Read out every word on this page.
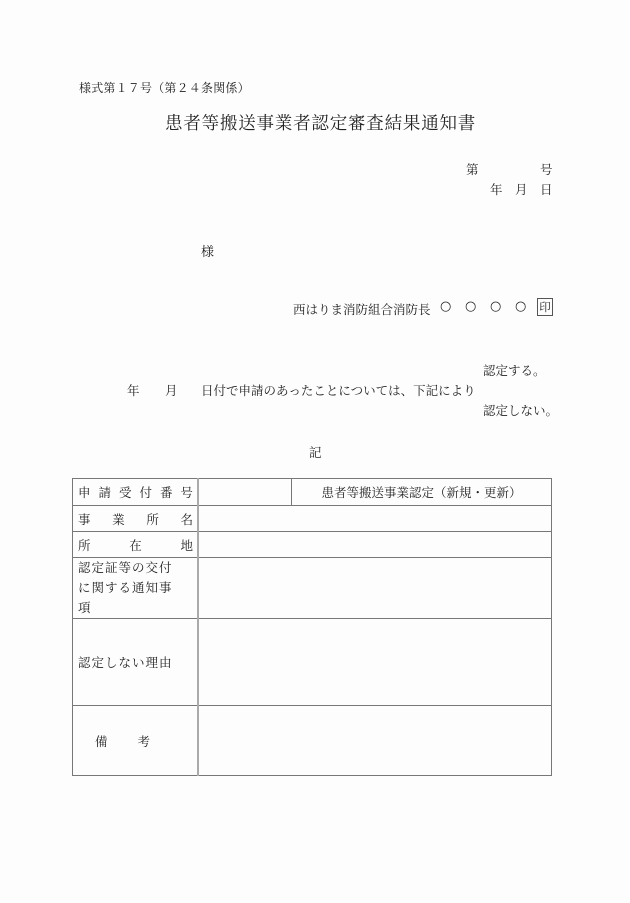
様式第１７号（第２４条関係）
患者等搬送事業者認定審査結果通知書
第	号
年 月 日
様
西はりま消防組合消防長 ○ ○ ○ ○	印
認定する。
年 月 日付で申請のあったことについては、下記により
認定しない。
記
申 請 受 付 番 号		患者等搬送事業認定（新規・更新）

事 業 所 名		

所 在 地		

認定証等の交付
に関する通知事
項		

認定しない理由		
備 考		
